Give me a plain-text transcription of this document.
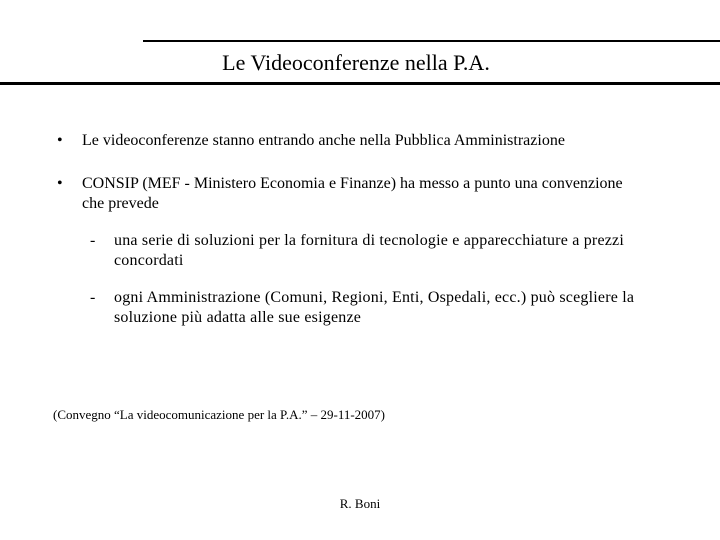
Le Videoconferenze nella P.A.
• Le videoconferenze stanno entrando anche nella Pubblica Amministrazione
• CONSIP (MEF - Ministero Economia e Finanze) ha messo a punto una convenzione che prevede
- una serie di soluzioni per la fornitura di tecnologie e apparecchiature a prezzi concordati
- ogni Amministrazione (Comuni, Regioni, Enti, Ospedali, ecc.) può scegliere la soluzione più adatta alle sue esigenze
(Convegno “La videocomunicazione per la P.A.” – 29-11-2007)
R. Boni
